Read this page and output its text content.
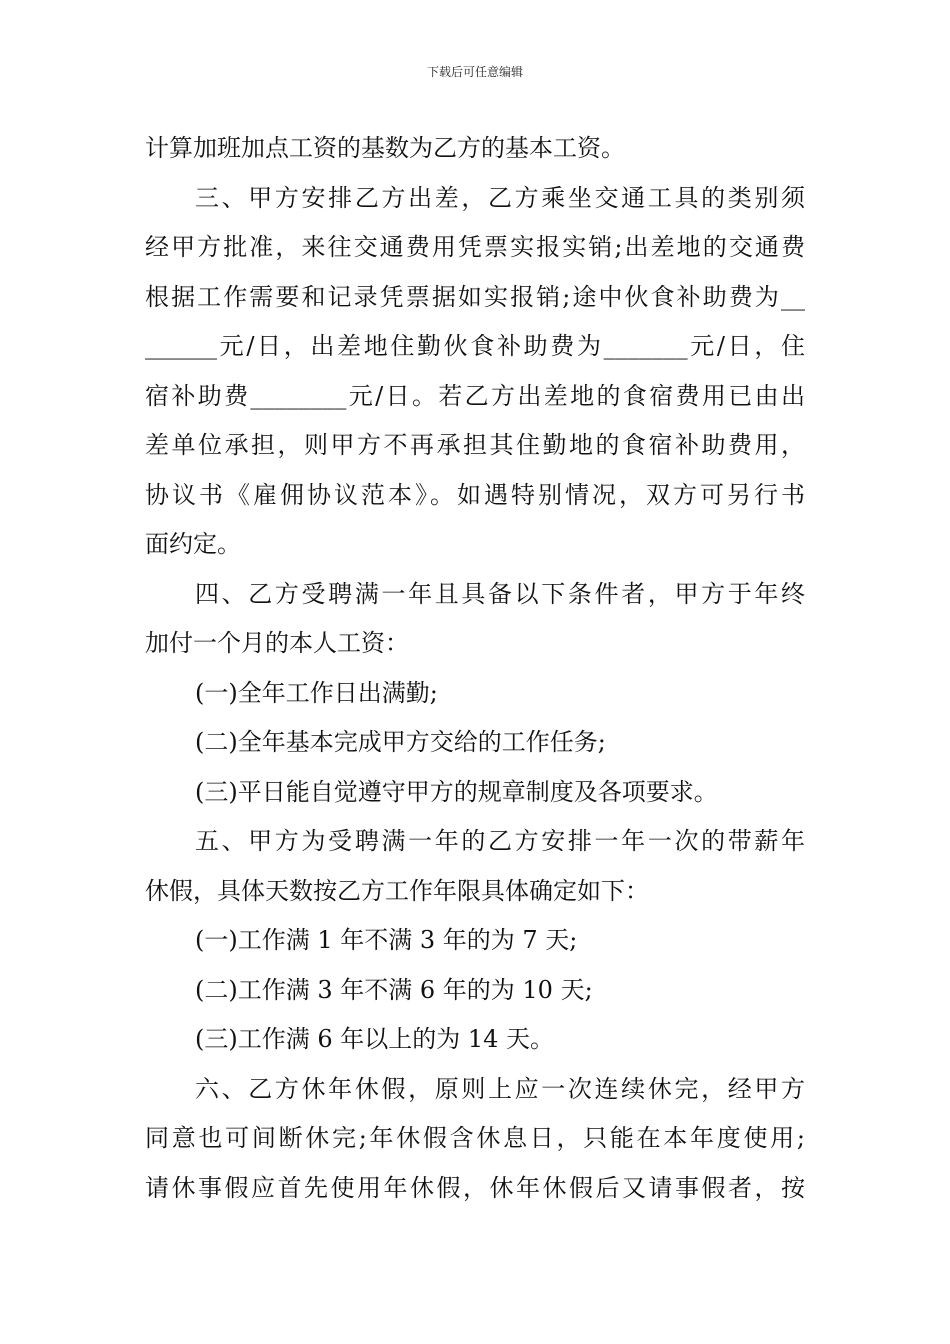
下载后可任意编辑
计算加班加点工资的基数为乙方的基本工资。
三、甲方安排乙方出差，乙方乘坐交通工具的类别须
经甲方批准，来往交通费用凭票实报实销;出差地的交通费
根据工作需要和记录凭票据如实报销;途中伙食补助费为__
______元/日，出差地住勤伙食补助费为_______元/日，住
宿补助费________元/日。若乙方出差地的食宿费用已由出
差单位承担，则甲方不再承担其住勤地的食宿补助费用，
协议书《雇佣协议范本》。如遇特别情况，双方可另行书
面约定。
四、乙方受聘满一年且具备以下条件者，甲方于年终
加付一个月的本人工资：
(一)全年工作日出满勤;
(二)全年基本完成甲方交给的工作任务;
(三)平日能自觉遵守甲方的规章制度及各项要求。
五、甲方为受聘满一年的乙方安排一年一次的带薪年
休假，具体天数按乙方工作年限具体确定如下：
(一)工作满 1 年不满 3 年的为 7 天;
(二)工作满 3 年不满 6 年的为 10 天;
(三)工作满 6 年以上的为 14 天。
六、乙方休年休假，原则上应一次连续休完，经甲方
同意也可间断休完;年休假含休息日，只能在本年度使用;
请休事假应首先使用年休假，休年休假后又请事假者，按
